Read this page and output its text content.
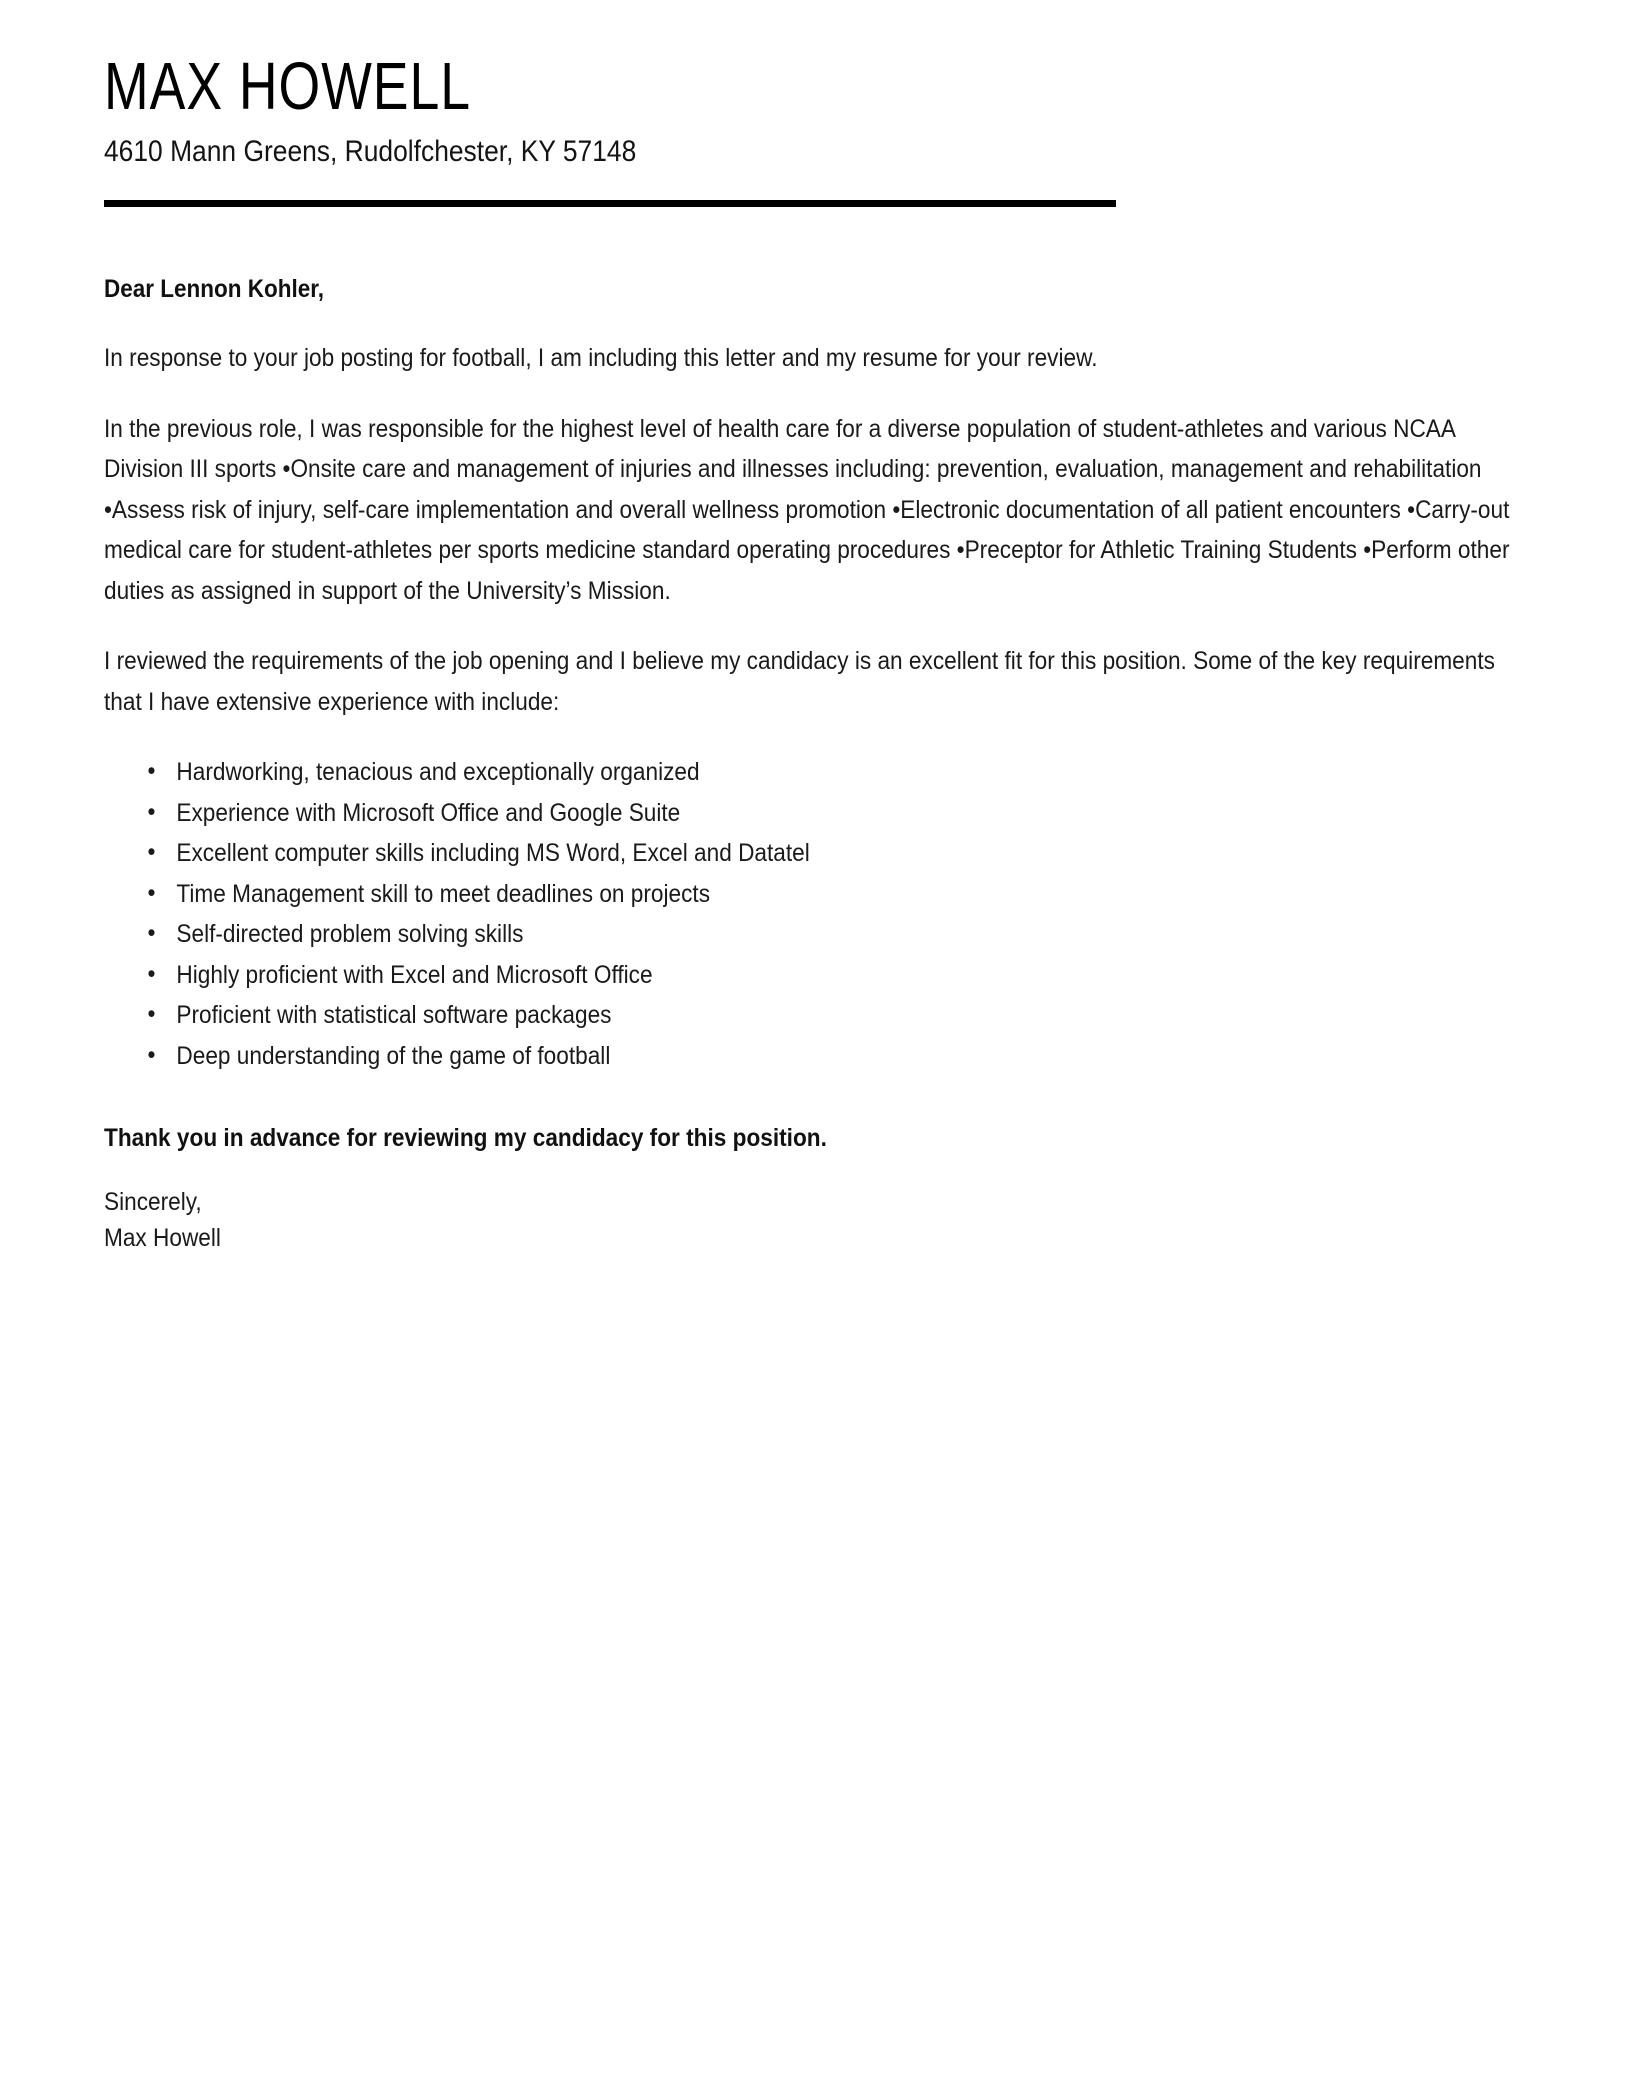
MAX HOWELL
4610 Mann Greens, Rudolfchester, KY 57148
Dear Lennon Kohler,

In response to your job posting for football, I am including this letter and my resume for your review.

In the previous role, I was responsible for the highest level of health care for a diverse population of student-athletes and various NCAA Division III sports •Onsite care and management of injuries and illnesses including: prevention, evaluation, management and rehabilitation •Assess risk of injury, self-care implementation and overall wellness promotion •Electronic documentation of all patient encounters •Carry-out medical care for student-athletes per sports medicine standard operating procedures •Preceptor for Athletic Training Students •Perform other duties as assigned in support of the University’s Mission.

I reviewed the requirements of the job opening and I believe my candidacy is an excellent fit for this position. Some of the key requirements that I have extensive experience with include:

• Hardworking, tenacious and exceptionally organized
• Experience with Microsoft Office and Google Suite
• Excellent computer skills including MS Word, Excel and Datatel
• Time Management skill to meet deadlines on projects
• Self-directed problem solving skills
• Highly proficient with Excel and Microsoft Office
• Proficient with statistical software packages
• Deep understanding of the game of football
Thank you in advance for reviewing my candidacy for this position.
Sincerely,
Max Howell
